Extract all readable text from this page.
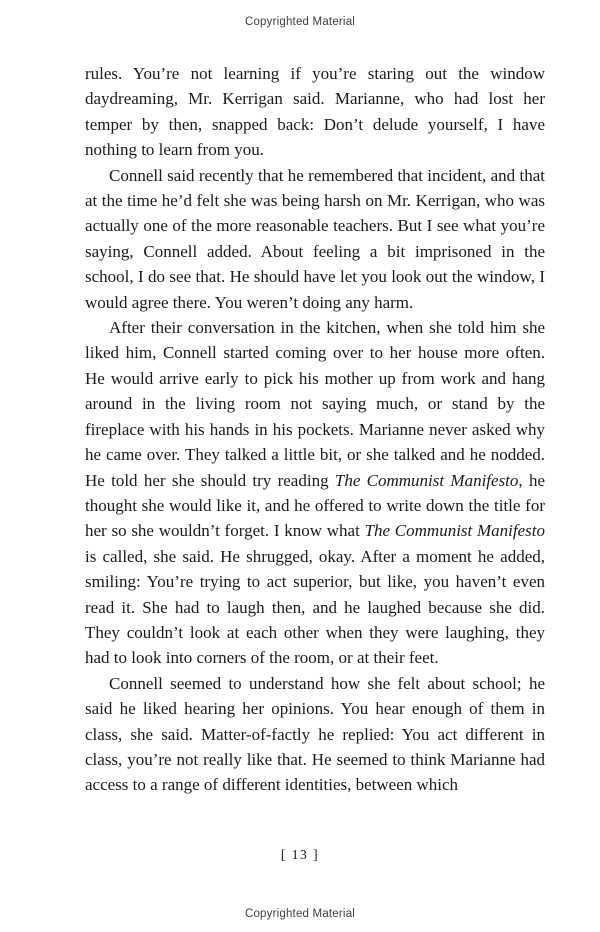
Copyrighted Material

rules. You’re not learning if you’re staring out the window daydreaming, Mr. Kerrigan said. Marianne, who had lost her temper by then, snapped back: Don’t delude yourself, I have nothing to learn from you.

Connell said recently that he remembered that incident, and that at the time he’d felt she was being harsh on Mr. Kerrigan, who was actually one of the more reasonable teachers. But I see what you’re saying, Connell added. About feeling a bit imprisoned in the school, I do see that. He should have let you look out the window, I would agree there. You weren’t doing any harm.

After their conversation in the kitchen, when she told him she liked him, Connell started coming over to her house more often. He would arrive early to pick his mother up from work and hang around in the living room not saying much, or stand by the fireplace with his hands in his pockets. Marianne never asked why he came over. They talked a little bit, or she talked and he nodded. He told her she should try reading The Communist Manifesto, he thought she would like it, and he offered to write down the title for her so she wouldn’t forget. I know what The Communist Manifesto is called, she said. He shrugged, okay. After a moment he added, smiling: You’re trying to act superior, but like, you haven’t even read it. She had to laugh then, and he laughed because she did. They couldn’t look at each other when they were laughing, they had to look into corners of the room, or at their feet.

Connell seemed to understand how she felt about school; he said he liked hearing her opinions. You hear enough of them in class, she said. Matter-of-factly he replied: You act different in class, you’re not really like that. He seemed to think Marianne had access to a range of different identities, between which

[ 13 ]
Copyrighted Material
